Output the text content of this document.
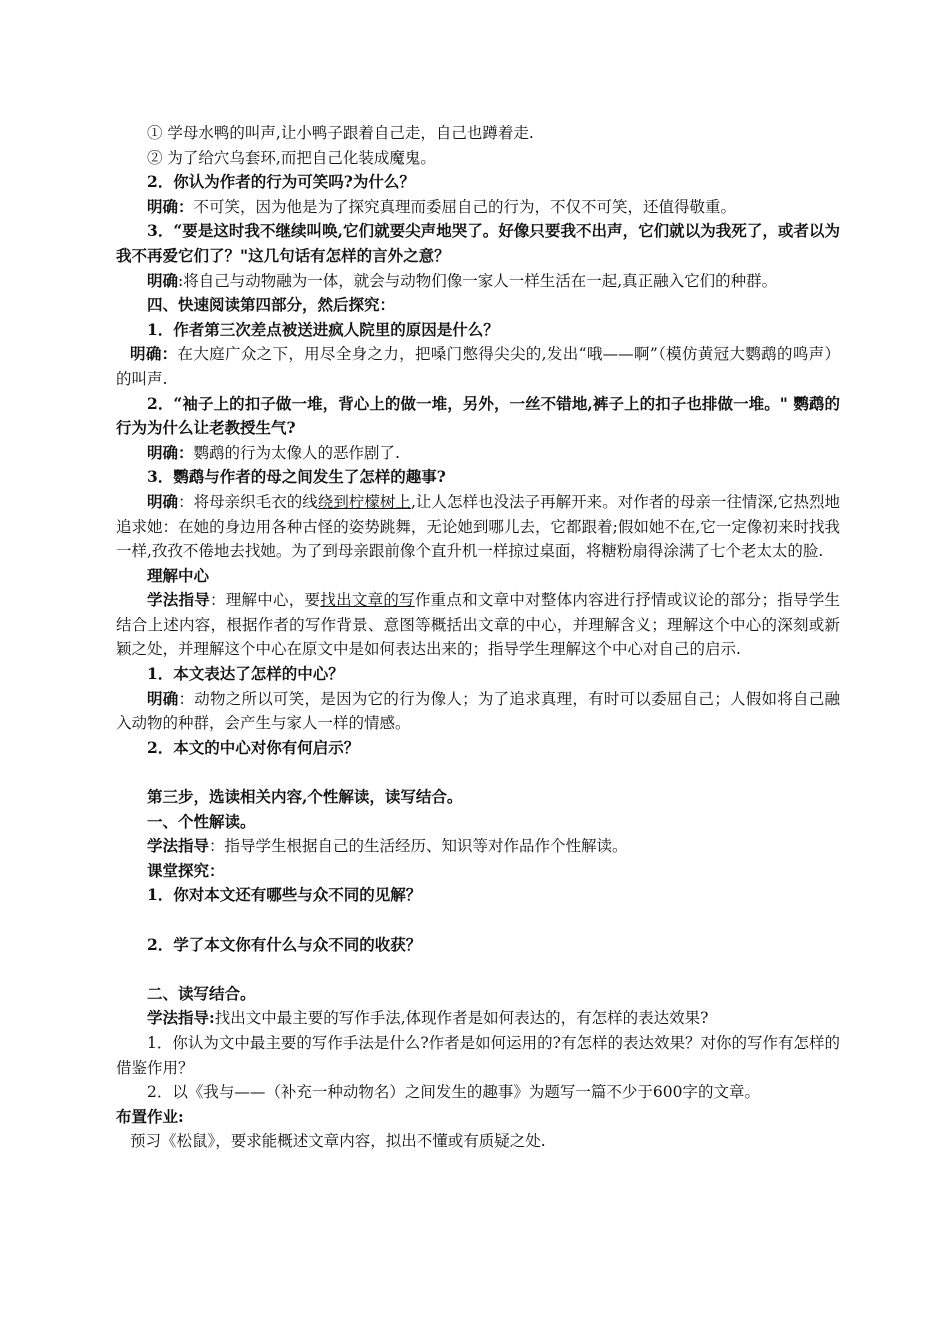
① 学母水鸭的叫声,让小鸭子跟着自己走，自己也蹲着走.

② 为了给穴乌套环,而把自己化装成魔鬼。

2．你认为作者的行为可笑吗?为什么？

明确：不可笑，因为他是为了探究真理而委屈自己的行为，不仅不可笑，还值得敬重。

3．“要是这时我不继续叫唤,它们就要尖声地哭了。好像只要我不出声，它们就以为我死了，或者以为我不再爱它们了？"这几句话有怎样的言外之意？

明确:将自己与动物融为一体，就会与动物们像一家人一样生活在一起,真正融入它们的种群。

四、快速阅读第四部分，然后探究：

1．作者第三次差点被送进疯人院里的原因是什么？

明确：在大庭广众之下，用尽全身之力，把嗓门憋得尖尖的,发出“哦——啊”（模仿黄冠大鹦鹉的鸣声）的叫声.

2．“袖子上的扣子做一堆，背心上的做一堆，另外，一丝不错地,裤子上的扣子也排做一堆。" 鹦鹉的行为为什么让老教授生气?

明确：鹦鹉的行为太像人的恶作剧了.

3．鹦鹉与作者的母之间发生了怎样的趣事?

明确：将母亲织毛衣的线绕到柠檬树上,让人怎样也没法子再解开来。对作者的母亲一往情深,它热烈地追求她：在她的身边用各种古怪的姿势跳舞，无论她到哪儿去，它都跟着;假如她不在,它一定像初来时找我一样,孜孜不倦地去找她。为了到母亲跟前像个直升机一样掠过桌面，将糖粉扇得涂满了七个老太太的脸.

理解中心

学法指导：理解中心，要找出文章的写作重点和文章中对整体内容进行抒情或议论的部分；指导学生结合上述内容，根据作者的写作背景、意图等概括出文章的中心，并理解含义；理解这个中心的深刻或新颖之处，并理解这个中心在原文中是如何表达出来的；指导学生理解这个中心对自己的启示.

1．本文表达了怎样的中心？

明确：动物之所以可笑，是因为它的行为像人；为了追求真理，有时可以委屈自己；人假如将自己融入动物的种群，会产生与家人一样的情感。

2．本文的中心对你有何启示？

第三步，选读相关内容,个性解读，读写结合。

一、个性解读。

学法指导：指导学生根据自己的生活经历、知识等对作品作个性解读。

课堂探究：

1．你对本文还有哪些与众不同的见解？

2．学了本文你有什么与众不同的收获？

二、读写结合。

学法指导:找出文中最主要的写作手法,体现作者是如何表达的，有怎样的表达效果?

1．你认为文中最主要的写作手法是什么?作者是如何运用的?有怎样的表达效果？对你的写作有怎样的借鉴作用？

2．以《我与——（补充一种动物名）之间发生的趣事》为题写一篇不少于600字的文章。

布置作业:

预习《松鼠》，要求能概述文章内容，拟出不懂或有质疑之处.
